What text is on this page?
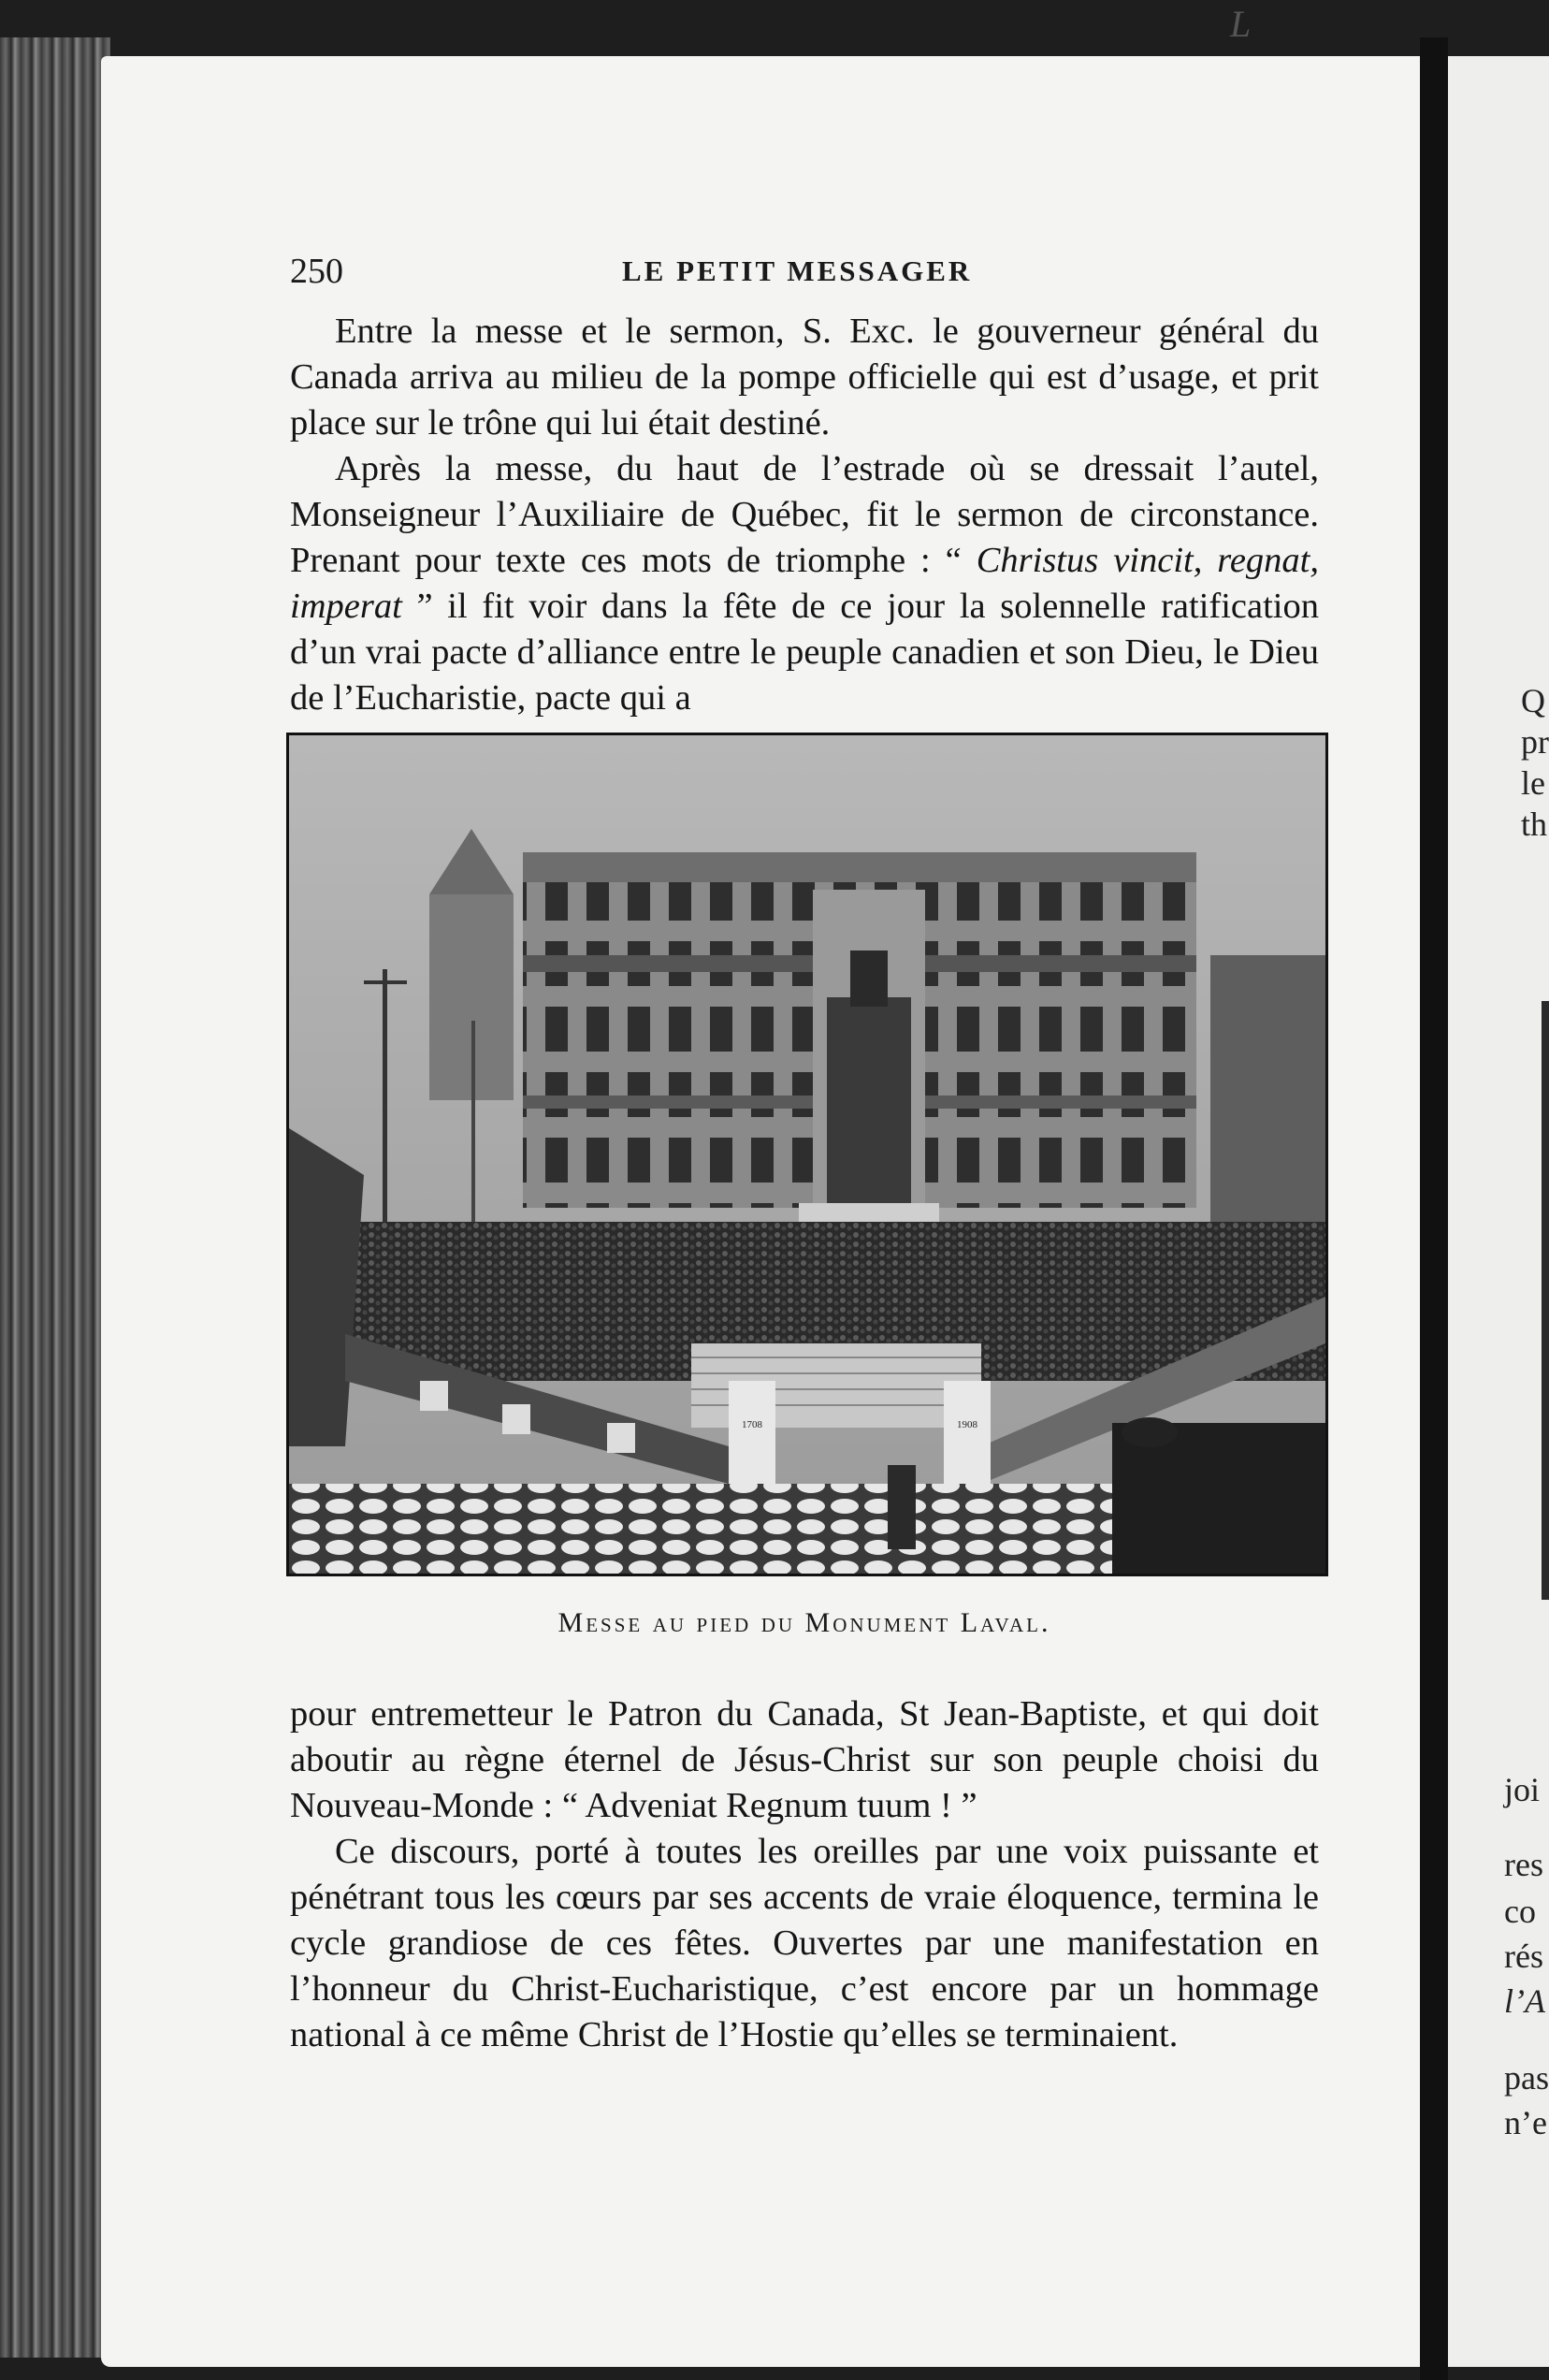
L
250	LE PETIT MESSAGER

Entre la messe et le sermon, S. Exc. le gouverneur général du Canada arriva au milieu de la pompe officielle qui est d’usage, et prit place sur le trône qui lui était destiné.

Après la messe, du haut de l’estrade où se dressait l’autel, Monseigneur l’Auxiliaire de Québec, fit le sermon de circonstance. Prenant pour texte ces mots de triomphe : “ Christus vincit, regnat, imperat ” il fit voir dans la fête de ce jour la solennelle ratification d’un vrai pacte d’alliance entre le peuple canadien et son Dieu, le Dieu de l’Eucharistie, pacte qui a

1708	1908
Messe au pied du Monument Laval.

pour entremetteur le Patron du Canada, St Jean-Baptiste, et qui doit aboutir au règne éternel de Jésus-Christ sur son peuple choisi du Nouveau-Monde : “ Adveniat Regnum tuum ! ”

Ce discours, porté à toutes les oreilles par une voix puissante et pénétrant tous les cœurs par ses accents de vraie éloquence, termina le cycle grandiose de ces fêtes. Ouvertes par une manifestation en l’honneur du Christ-Eucharistique, c’est encore par un hommage national à ce même Christ de l’Hostie qu’elles se terminaient.

Q
pr
le
th
joi
res
co
rés
l’A
pas
n’e
